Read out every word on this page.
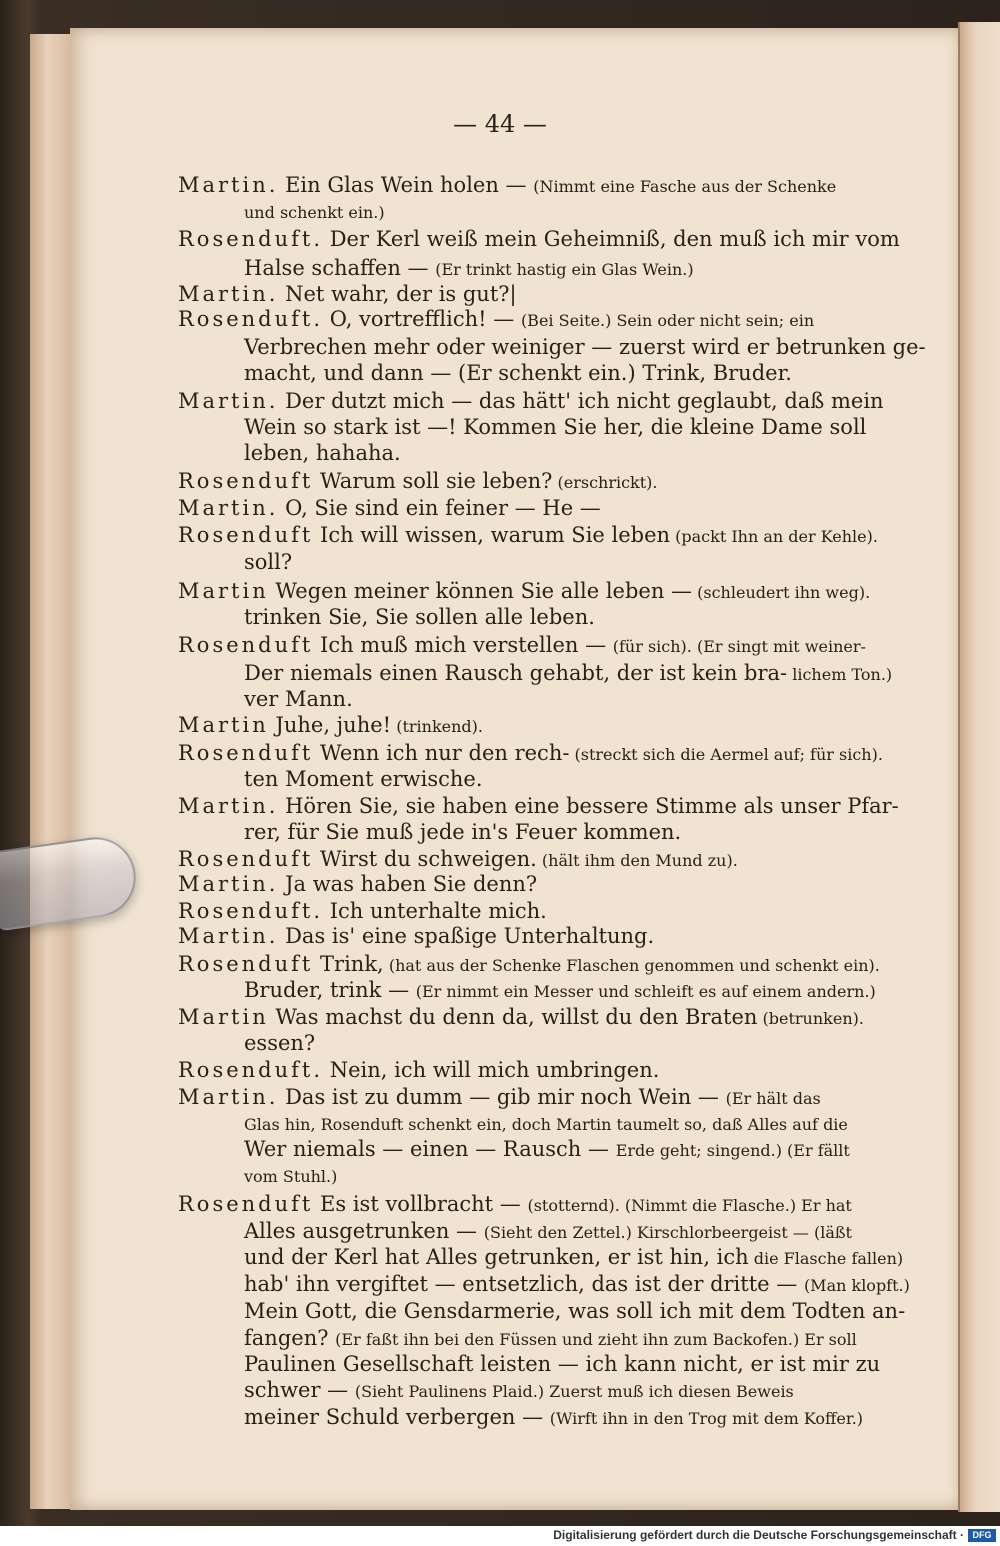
— 44 —
Martin. Ein Glas Wein holen — (Nimmt eine Fasche aus der Schenke
und schenkt ein.)
Rosenduft. Der Kerl weiß mein Geheimniß, den muß ich mir vom
Halse schaffen — (Er trinkt hastig ein Glas Wein.)
Martin. Net wahr, der is gut?|
Rosenduft. O, vortrefflich! — (Bei Seite.) Sein oder nicht sein; ein
Verbrechen mehr oder weiniger — zuerst wird er betrunken ge-
macht, und dann — (Er schenkt ein.) Trink, Bruder.
Martin. Der dutzt mich — das hätt' ich nicht geglaubt, daß mein
Wein so stark ist —! Kommen Sie her, die kleine Dame soll
leben, hahaha.
Rosenduft Warum soll sie leben? (erschrickt).
Martin. O, Sie sind ein feiner — He —
Rosenduft Ich will wissen, warum Sie leben (packt Ihn an der Kehle).
soll?
Martin Wegen meiner können Sie alle leben — (schleudert ihn weg).
trinken Sie, Sie sollen alle leben.
Rosenduft Ich muß mich verstellen — (für sich). (Er singt mit weiner-
Der niemals einen Rausch gehabt, der ist kein bra- lichem Ton.)
ver Mann.
Martin Juhe, juhe! (trinkend).
Rosenduft Wenn ich nur den rech- (streckt sich die Aermel auf; für sich).
ten Moment erwische.
Martin. Hören Sie, sie haben eine bessere Stimme als unser Pfar-
rer, für Sie muß jede in's Feuer kommen.
Rosenduft Wirst du schweigen. (hält ihm den Mund zu).
Martin. Ja was haben Sie denn?
Rosenduft. Ich unterhalte mich.
Martin. Das is' eine spaßige Unterhaltung.
Rosenduft Trink, (hat aus der Schenke Flaschen genommen und schenkt ein).
Bruder, trink — (Er nimmt ein Messer und schleift es auf einem andern.)
Martin Was machst du denn da, willst du den Braten (betrunken).
essen?
Rosenduft. Nein, ich will mich umbringen.
Martin. Das ist zu dumm — gib mir noch Wein — (Er hält das
Glas hin, Rosenduft schenkt ein, doch Martin taumelt so, daß Alles auf die
Wer niemals — einen — Rausch — Erde geht; singend.) (Er fällt
vom Stuhl.)
Rosenduft Es ist vollbracht — (stotternd). (Nimmt die Flasche.) Er hat
Alles ausgetrunken — (Sieht den Zettel.) Kirschlorbeergeist — (läßt
und der Kerl hat Alles getrunken, er ist hin, ich die Flasche fallen)
hab' ihn vergiftet — entsetzlich, das ist der dritte — (Man klopft.)
Mein Gott, die Gensdarmerie, was soll ich mit dem Todten an-
fangen? (Er faßt ihn bei den Füssen und zieht ihn zum Backofen.) Er soll
Paulinen Gesellschaft leisten — ich kann nicht, er ist mir zu
schwer — (Sieht Paulinens Plaid.) Zuerst muß ich diesen Beweis
meiner Schuld verbergen — (Wirft ihn in den Trog mit dem Koffer.)
Digitalisierung gefördert durch die Deutsche Forschungsgemeinschaft · DFG
